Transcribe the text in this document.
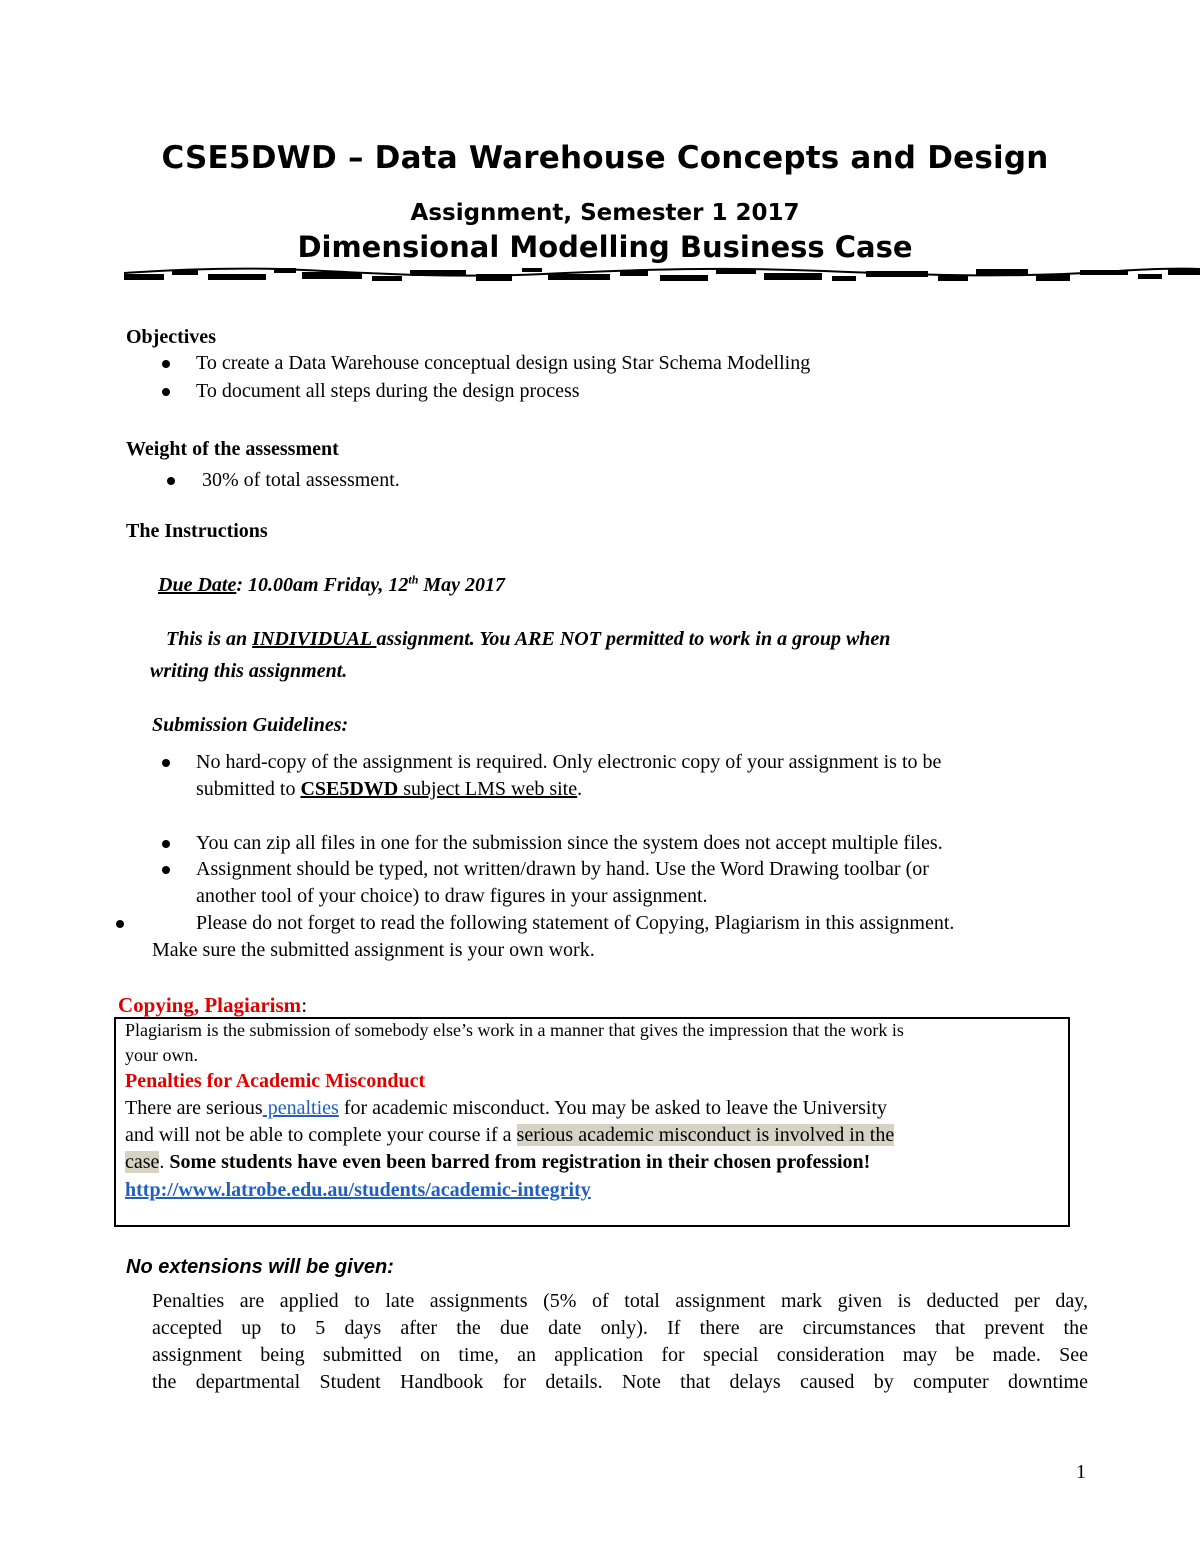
CSE5DWD – Data Warehouse Concepts and Design
Assignment, Semester 1 2017
Dimensional Modelling Business Case
Objectives
To create a Data Warehouse conceptual design using Star Schema Modelling
To document all steps during the design process
Weight of the assessment
30% of total assessment.
The Instructions
Due Date: 10.00am Friday, 12th May 2017
This is an INDIVIDUAL assignment. You ARE NOT permitted to work in a group when
writing this assignment.
Submission Guidelines:
No hard-copy of the assignment is required. Only electronic copy of your assignment is to be
submitted to CSE5DWD subject LMS web site.
You can zip all files in one for the submission since the system does not accept multiple files.
Assignment should be typed, not written/drawn by hand. Use the Word Drawing toolbar (or
another tool of your choice) to draw figures in your assignment.
Please do not forget to read the following statement of Copying, Plagiarism in this assignment.
Make sure the submitted assignment is your own work.
Copying, Plagiarism:
Plagiarism is the submission of somebody else’s work in a manner that gives the impression that the work is
your own.
Penalties for Academic Misconduct
There are serious penalties for academic misconduct. You may be asked to leave the University
and will not be able to complete your course if a serious academic misconduct is involved in the
case. Some students have even been barred from registration in their chosen profession!
http://www.latrobe.edu.au/students/academic-integrity
No extensions will be given:
Penalties are applied to late assignments (5% of total assignment mark given is deducted per day,
accepted up to 5 days after the due date only). If there are circumstances that prevent the
assignment being submitted on time, an application for special consideration may be made. See
the departmental Student Handbook for details. Note that delays caused by computer downtime
1
